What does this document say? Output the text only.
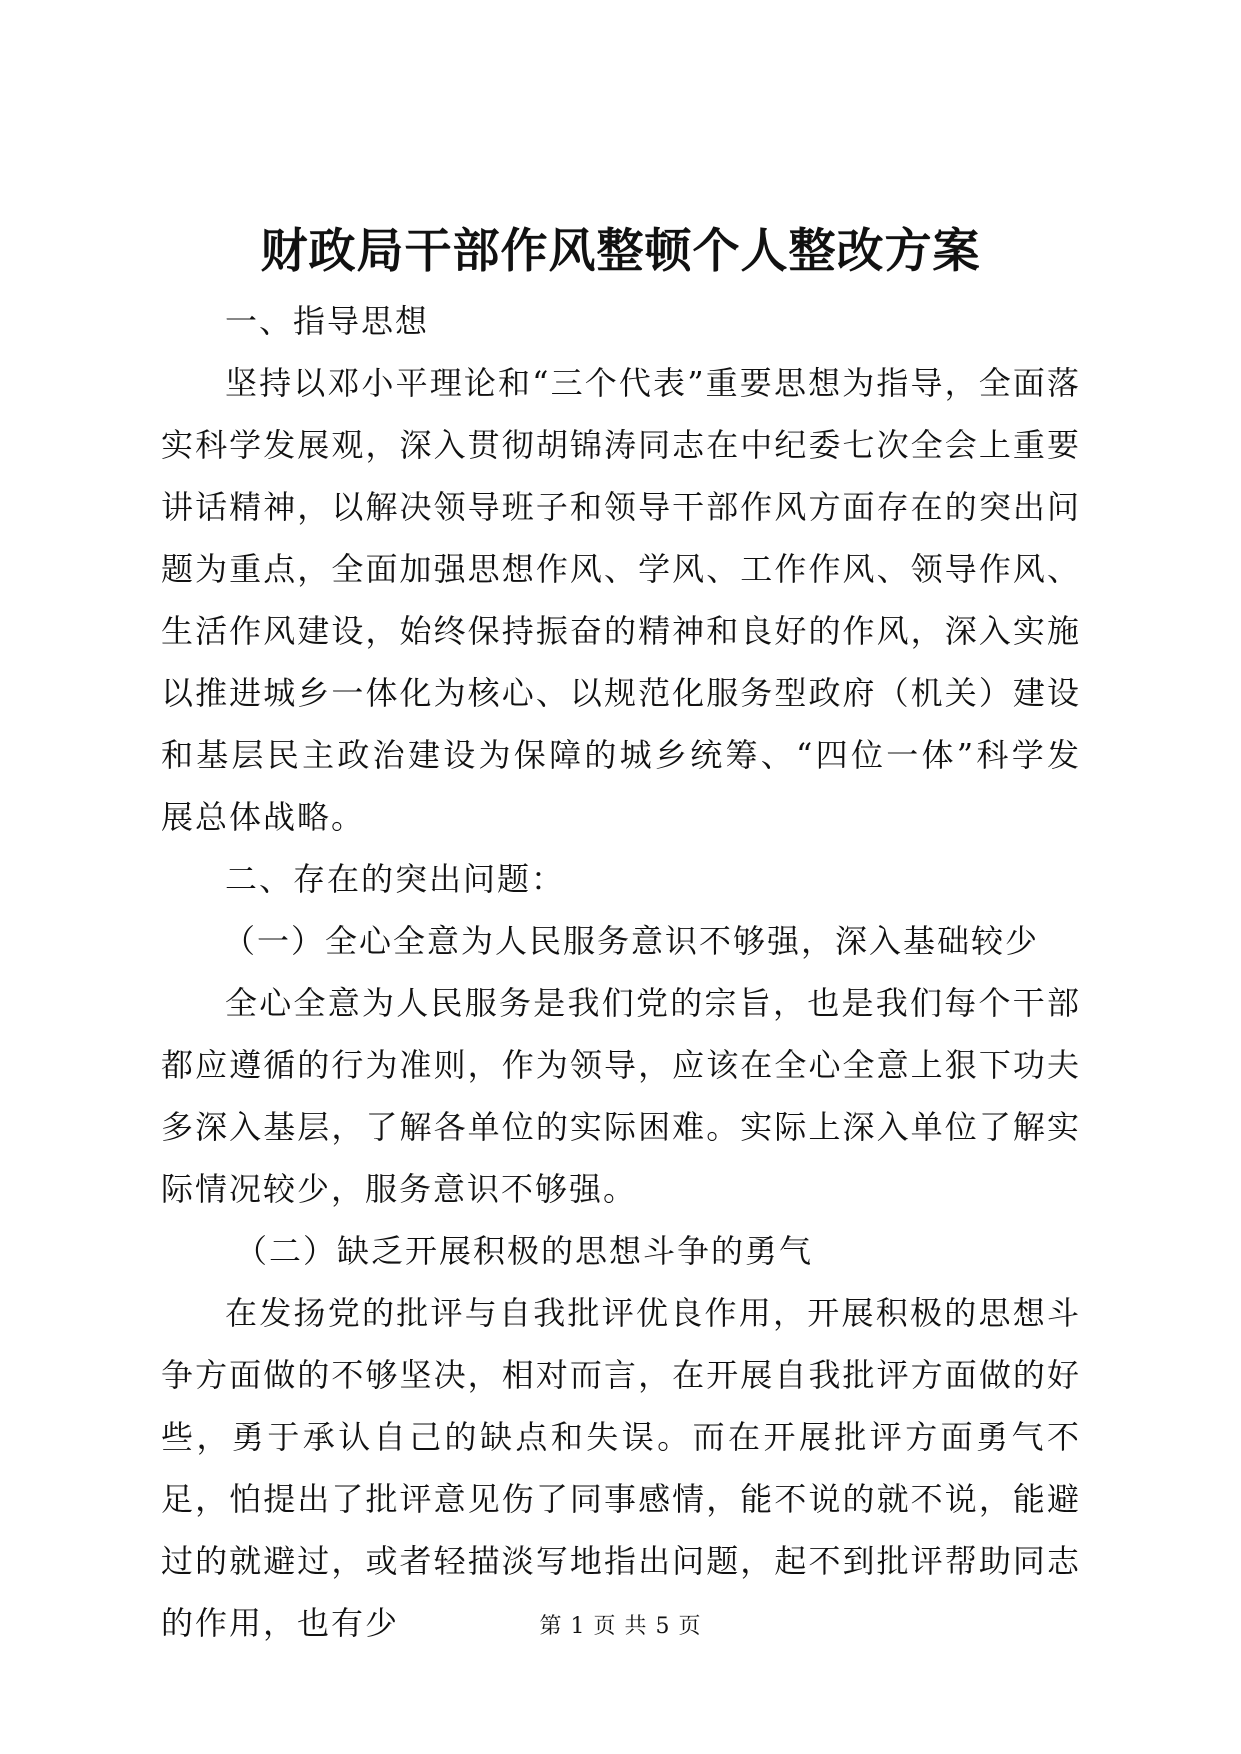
财政局干部作风整顿个人整改方案

一、指导思想

坚持以邓小平理论和“三个代表”重要思想为指导，全面落实科学发展观，深入贯彻胡锦涛同志在中纪委七次全会上重要讲话精神，以解决领导班子和领导干部作风方面存在的突出问题为重点，全面加强思想作风、学风、工作作风、领导作风、生活作风建设，始终保持振奋的精神和良好的作风，深入实施以推进城乡一体化为核心、以规范化服务型政府（机关）建设和基层民主政治建设为保障的城乡统筹、“四位一体”科学发展总体战略。

二、存在的突出问题：

（一）全心全意为人民服务意识不够强，深入基础较少

全心全意为人民服务是我们党的宗旨，也是我们每个干部都应遵循的行为准则，作为领导，应该在全心全意上狠下功夫多深入基层，了解各单位的实际困难。实际上深入单位了解实际情况较少，服务意识不够强。

（二）缺乏开展积极的思想斗争的勇气

在发扬党的批评与自我批评优良作用，开展积极的思想斗争方面做的不够坚决，相对而言，在开展自我批评方面做的好些，勇于承认自己的缺点和失误。而在开展批评方面勇气不足，怕提出了批评意见伤了同事感情，能不说的就不说，能避过的就避过，或者轻描淡写地指出问题，起不到批评帮助同志的作用，也有少	第 1 页 共 5 页
